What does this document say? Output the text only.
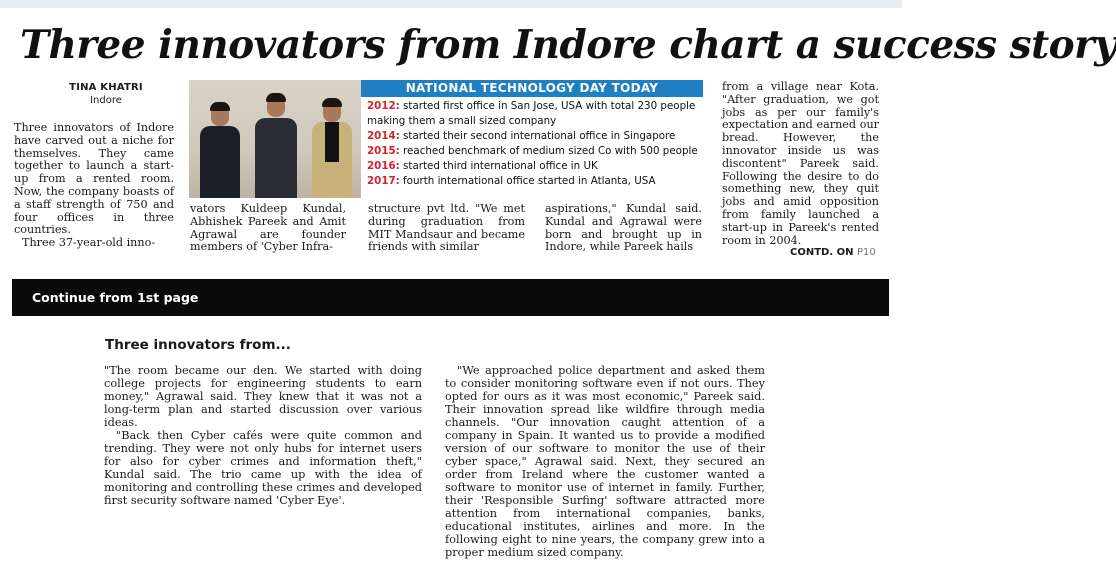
Three innovators from Indore chart a success story
TINA KHATRI
Indore

Three innovators of Indore have carved out a niche for themselves. They came together to launch a start-up from a rented room. Now, the company boasts of a staff strength of 750 and four offices in three countries.

Three 37-year-old inno-

NATIONAL TECHNOLOGY DAY TODAY
2012: started first office in San Jose, USA with total 230 people making them a small sized company
2014: started their second international office in Singapore
2015: reached benchmark of medium sized Co with 500 people
2016: started third international office in UK
2017: fourth international office started in Atlanta, USA

vators Kuldeep Kundal, Abhishek Pareek and Amit Agrawal are founder members of 'Cyber Infra-

structure pvt ltd. "We met during graduation from MIT Mandsaur and became friends with similar

aspirations," Kundal said. Kundal and Agrawal were born and brought up in Indore, while Pareek hails

from a village near Kota. "After graduation, we got jobs as per our family's expectation and earned our bread. However, the innovator inside us was discontent" Pareek said. Following the desire to do something new, they quit jobs and amid opposition from family launched a start-up in Pareek's rented room in 2004.

CONTD. ON P10
Continue from 1st page
Three innovators from...

"The room became our den. We started with doing college projects for engineering students to earn money," Agrawal said. They knew that it was not a long-term plan and started discussion over various ideas.

"Back then Cyber cafés were quite common and trending. They were not only hubs for internet users for also for cyber crimes and information theft," Kundal said. The trio came up with the idea of monitoring and controlling these crimes and developed first security software named 'Cyber Eye'.

"We approached police department and asked them to consider monitoring software even if not ours. They opted for ours as it was most economic," Pareek said. Their innovation spread like wildfire through media channels. "Our innovation caught attention of a company in Spain. It wanted us to provide a modified version of our software to monitor the use of their cyber space," Agrawal said. Next, they secured an order from Ireland where the customer wanted a software to monitor use of internet in family. Further, their 'Responsible Surfing' software attracted more attention from international companies, banks, educational institutes, airlines and more. In the following eight to nine years, the company grew into a proper medium sized company.
